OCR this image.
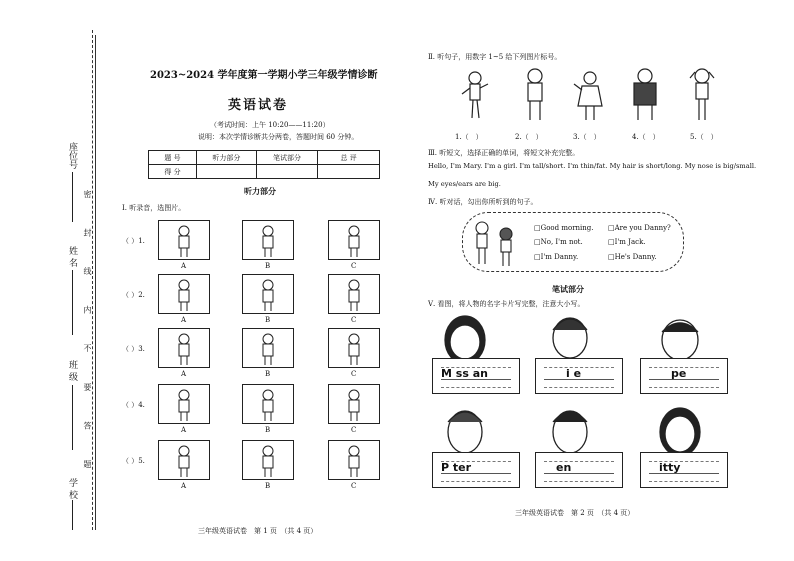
座位号
姓 名
班 级
学 校
密 封 线 内 不 要 答 题
2023~2024 学年度第一学期小学三年级学情诊断
英语试卷
（考试时间：上午 10:20——11:20）
说明：本次学情诊断共分两卷，答题时间 60 分钟。
题 号	听力部分	笔试部分	总 评
得 分			
听力部分
Ⅰ. 听录音，选图片。
（ ）1.
A	B	C
（ ）2.
A	B	C
（ ）3.
A	B	C
（ ）4.
A	B	C
（ ）5.
A	B	C
三年级英语试卷　第 1 页　（共 4 页）
Ⅱ. 听句子，用数字 1~5 给下列图片标号。
1.（　）	2.（　）	3.（　）	4.（　）	5.（　）
Ⅲ. 听短文，选择正确的单词，将短文补充完整。
Hello, I'm Mary. I'm a girl. I'm tall/short. I'm thin/fat. My hair is short/long. My nose is big/small.
My eyes/ears are big.
Ⅳ. 听对话，勾出你所听到的句子。
□Good morning. □Are you Danny?
□No, I'm not.	□I'm Jack.
□I'm Danny.	□He's Danny.
笔试部分
Ⅴ. 看图，将人物的名字卡片写完整，注意大小写。
M ss an	i e	pe
P ter	en	itty
三年级英语试卷　第 2 页　（共 4 页）
